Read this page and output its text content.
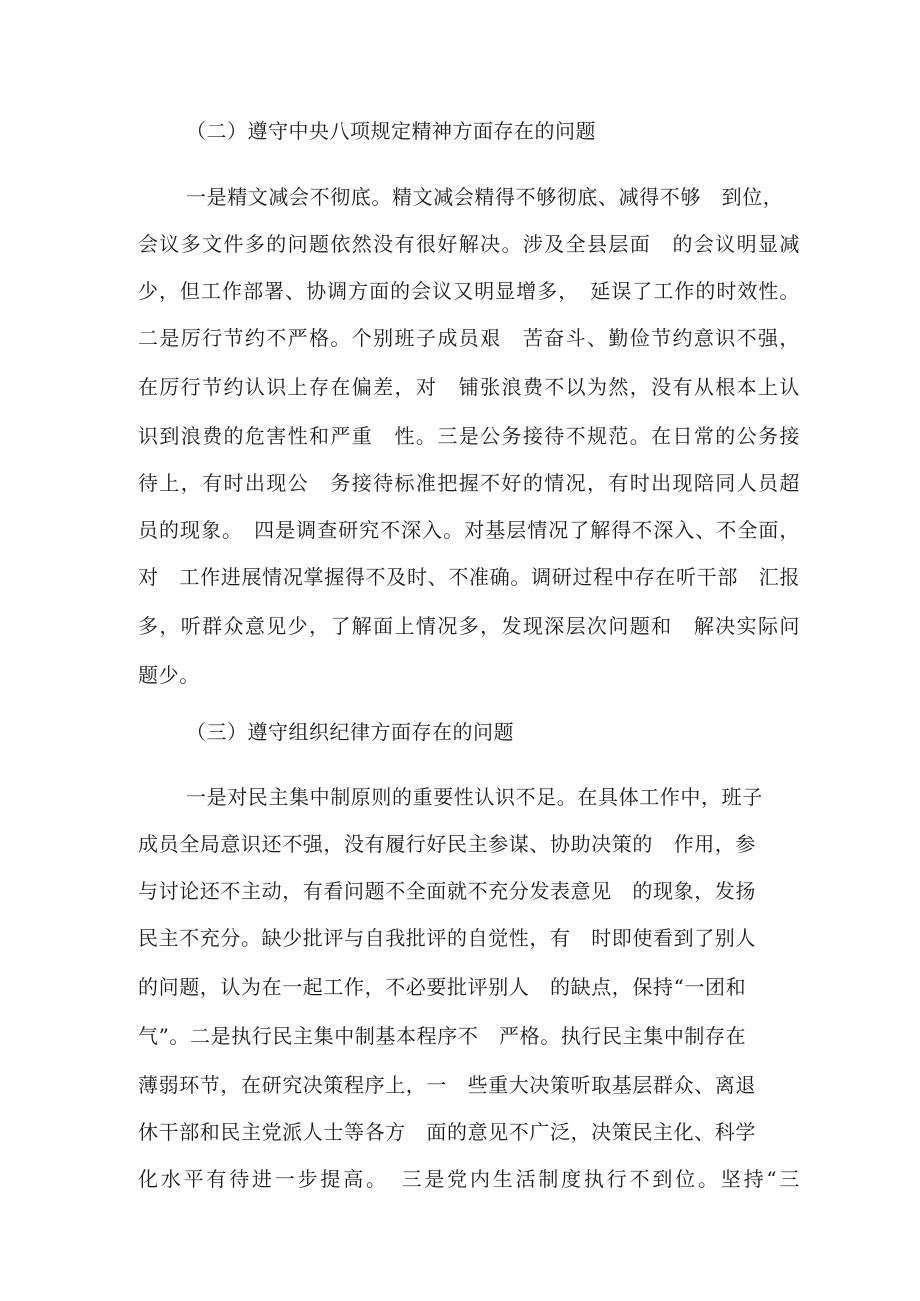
（二）遵守中央八项规定精神方面存在的问题
一是精文减会不彻底。精文减会精得不够彻底、减得不够　到位，
会议多文件多的问题依然没有很好解决。涉及全县层面　的会议明显减
少，但工作部署、协调方面的会议又明显增多，　延误了工作的时效性。
二是厉行节约不严格。个别班子成员艰　苦奋斗、勤俭节约意识不强，
在厉行节约认识上存在偏差，对　铺张浪费不以为然，没有从根本上认
识到浪费的危害性和严重　性。三是公务接待不规范。在日常的公务接
待上，有时出现公　务接待标准把握不好的情况，有时出现陪同人员超
员的现象。　四是调查研究不深入。对基层情况了解得不深入、不全面，
对　工作进展情况掌握得不及时、不准确。调研过程中存在听干部　汇报
多，听群众意见少，了解面上情况多，发现深层次问题和　解决实际问
题少。
（三）遵守组织纪律方面存在的问题
一是对民主集中制原则的重要性认识不足。在具体工作中，班子
成员全局意识还不强，没有履行好民主参谋、协助决策的　作用，参
与讨论还不主动，有看问题不全面就不充分发表意见　的现象，发扬
民主不充分。缺少批评与自我批评的自觉性，有　时即使看到了别人
的问题，认为在一起工作，不必要批评别人　的缺点，保持“一团和
气”。二是执行民主集中制基本程序不　严格。执行民主集中制存在
薄弱环节，在研究决策程序上，一　些重大决策听取基层群众、离退
休干部和民主党派人士等各方　面的意见不广泛，决策民主化、科学
化水平有待进一步提高。　三是党内生活制度执行不到位。坚持“三
